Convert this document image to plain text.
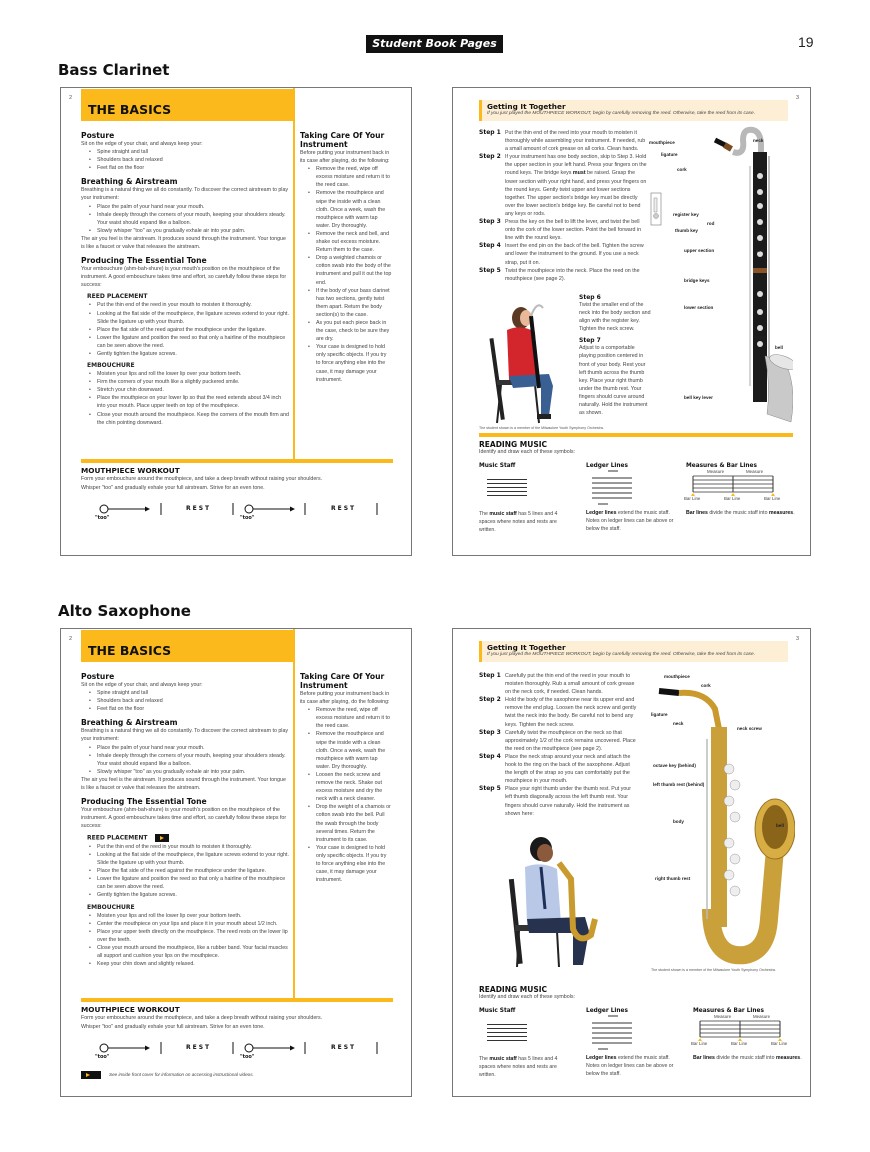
Student Book Pages 2-3
19
Bass Clarinet
2
THE BASICS
Posture
Sit on the edge of your chair, and always keep your:
• Spine straight and tall
• Shoulders back and relaxed
• Feet flat on the floor
Breathing & Airstream
Breathing is a natural thing we all do constantly. To discover the correct airstream to play your instrument:
• Place the palm of your hand near your mouth.
• Inhale deeply through the corners of your mouth, keeping your shoulders steady. Your waist should expand like a balloon.
• Slowly whisper "too" as you gradually exhale air into your palm.
The air you feel is the airstream. It produces sound through the instrument. Your tongue is like a faucet or valve that releases the airstream.
Producing The Essential Tone
Your embouchure (ahm-bah-shure) is your mouth's position on the mouthpiece of the instrument. A good embouchure takes time and effort, so carefully follow these steps for success:
REED PLACEMENT
• Put the thin end of the reed in your mouth to moisten it thoroughly.
• Looking at the flat side of the mouthpiece, the ligature screws extend to your right. Slide the ligature up with your thumb.
• Place the flat side of the reed against the mouthpiece under the ligature.
• Lower the ligature and position the reed so that only a hairline of the mouthpiece can be seen above the reed.
• Gently tighten the ligature screws.
EMBOUCHURE
• Moisten your lips and roll the lower lip over your bottom teeth.
• Firm the corners of your mouth like a slightly puckered smile.
• Stretch your chin downward.
• Place the mouthpiece on your lower lip so that the reed extends about 3/4 inch into your mouth. Place upper teeth on top of the mouthpiece.
• Close your mouth around the mouthpiece. Keep the corners of the mouth firm and the chin pointing downward.
Taking Care Of Your Instrument
Before putting your instrument back in its case after playing, do the following:
• Remove the reed, wipe off excess moisture and return it to the reed case.
• Remove the mouthpiece and wipe the inside with a clean cloth. Once a week, wash the mouthpiece with warm tap water. Dry thoroughly.
• Remove the neck and bell, and shake out excess moisture. Return them to the case.
• Drop a weighted chamois or cotton swab into the body of the instrument and pull it out the top end.
• If the body of your bass clarinet has two sections, gently twist them apart. Return the body section(s) to the case.
• As you put each piece back in the case, check to be sure they are dry.
• Your case is designed to hold only specific objects. If you try to force anything else into the case, it may damage your instrument.
MOUTHPIECE WORKOUT
Form your embouchure around the mouthpiece, and take a deep breath without raising your shoulders.
Whisper "too" and gradually exhale your full airstream. Strive for an even tone.
"too"	"too"
REST	REST
3
Getting It Together
If you just played the MOUTHPIECE WORKOUT, begin by carefully removing the reed. Otherwise, take the reed from its case.
Step 1 Put the thin end of the reed into your mouth to moisten it thoroughly while assembling your instrument. If needed, rub a small amount of cork grease on all corks. Clean hands.
Step 2 If your instrument has one body section, skip to Step 3. Hold the upper section in your left hand. Press your fingers on the round keys. The bridge keys must be raised. Grasp the lower section with your right hand, and press your fingers on the round keys. Gently twist upper and lower sections together. The upper section's bridge key must be directly over the lower section's bridge key. Be careful not to bend any keys or rods.
Step 3 Press the key on the bell to lift the lever, and twist the bell onto the cork of the lower section. Point the bell forward in line with the round keys.
Step 4 Insert the end pin on the back of the bell. Tighten the screw and lower the instrument to the ground. If you use a neck strap, put it on.
Step 5 Twist the mouthpiece into the neck. Place the reed on the mouthpiece (see page 2).
Step 6
Twist the smaller end of the neck into the body section and align with the register key. Tighten the neck screw.
Step 7
Adjust to a comportable playing position centered in front of your body. Rest your left thumb across the thumb key. Place your right thumb under the thumb rest. Your fingers should curve around naturally. Hold the instrument as shown.
The student shown is a member of the Milwaukee Youth Symphony Orchestra.
mouthpiece
ligature
cork
neck
register key
thumb key
rod
keys
upper section	cork
bridge keys
lower section
rods
bell
bell key lever
READING MUSIC
Identify and draw each of these symbols:
Music Staff
The music staff has 5 lines and 4 spaces where notes and rests are written.
Ledger Lines
Ledger lines extend the music staff. Notes on ledger lines can be above or below the staff.
Measures & Bar Lines
Measure	Measure
Bar Line	Bar Line	Bar Line
Bar lines divide the music staff into measures.
Alto Saxophone
2
THE BASICS
Posture
Sit on the edge of your chair, and always keep your:
• Spine straight and tall
• Shoulders back and relaxed
• Feet flat on the floor
Breathing & Airstream
Breathing is a natural thing we all do constantly. To discover the correct airstream to play your instrument:
• Place the palm of your hand near your mouth.
• Inhale deeply through the corners of your mouth, keeping your shoulders steady. Your waist should expand like a balloon.
• Slowly whisper "too" as you gradually exhale air into your palm.
The air you feel is the airstream. It produces sound through the instrument. Your tongue is like a faucet or valve that releases the airstream.
Producing The Essential Tone
Your embouchure (ahm-bah-shure) is your mouth's position on the mouthpiece of the instrument. A good embouchure takes time and effort, so carefully follow these steps for success:
REED PLACEMENT
• Put the thin end of the reed in your mouth to moisten it thoroughly.
• Looking at the flat side of the mouthpiece, the ligature screws extend to your right. Slide the ligature up with your thumb.
• Place the flat side of the reed against the mouthpiece under the ligature.
• Lower the ligature and position the reed so that only a hairline of the mouthpiece can be seen above the reed.
• Gently tighten the ligature screws.
EMBOUCHURE
• Moisten your lips and roll the lower lip over your bottom teeth.
• Center the mouthpiece on your lips and place it in your mouth about 1/2 inch.
• Place your upper teeth directly on the mouthpiece. The reed rests on the lower lip over the teeth.
• Close your mouth around the mouthpiece, like a rubber band. Your facial muscles all support and cushion your lips on the mouthpiece.
• Keep your chin down and slightly relaxed.
Taking Care Of Your Instrument
Before putting your instrument back in its case after playing, do the following:
• Remove the reed, wipe off excess moisture and return it to the reed case.
• Remove the mouthpiece and wipe the inside with a clean cloth. Once a week, wash the mouthpiece with warm tap water. Dry thoroughly.
• Loosen the neck screw and remove the neck. Shake out excess moisture and dry the neck with a neck cleaner.
• Drop the weight of a chamois or cotton swab into the bell. Pull the swab through the body several times. Return the instrument to its case.
• Your case is designed to hold only specific objects. If you try to force anything else into the case, it may damage your instrument.
MOUTHPIECE WORKOUT
Form your embouchure around the mouthpiece, and take a deep breath without raising your shoulders.
Whisper "too" and gradually exhale your full airstream. Strive for an even tone.
"too"	"too"
REST	REST
See inside front cover for information on accessing instructional videos.
3
Getting It Together
If you just played the MOUTHPIECE WORKOUT, begin by carefully removing the reed. Otherwise, take the reed from its case.
Step 1 Carefully put the thin end of the reed in your mouth to moisten thoroughly. Rub a small amount of cork grease on the neck cork, if needed. Clean hands.
Step 2 Hold the body of the saxophone near its upper end and remove the end plug. Loosen the neck screw and gently twist the neck into the body. Be careful not to bend any keys. Tighten the neck screw.
Step 3 Carefully twist the mouthpiece on the neck so that approximately 1/2 of the cork remains uncovered. Place the reed on the mouthpiece (see page 2).
Step 4 Place the neck strap around your neck and attach the hook to the ring on the back of the saxophone. Adjust the length of the strap so you can comfortably put the mouthpiece in your mouth.
Step 5 Place your right thumb under the thumb rest. Put your left thumb diagonally across the left thumb rest. Your fingers should curve naturally. Hold the instrument as shown here:
The student shown is a member of the Milwaukee Youth Symphony Orchestra.
mouthpiece
cork
ligature
neck
neck screw
octave key (behind)
left thumb rest (behind)
body
bell
right thumb rest
READING MUSIC
Identify and draw each of these symbols:
Music Staff
The music staff has 5 lines and 4 spaces where notes and rests are written.
Ledger Lines
Ledger lines extend the music staff. Notes on ledger lines can be above or below the staff.
Measures & Bar Lines
Measure	Measure
Bar Line	Bar Line	Bar Line
Bar lines divide the music staff into measures.
